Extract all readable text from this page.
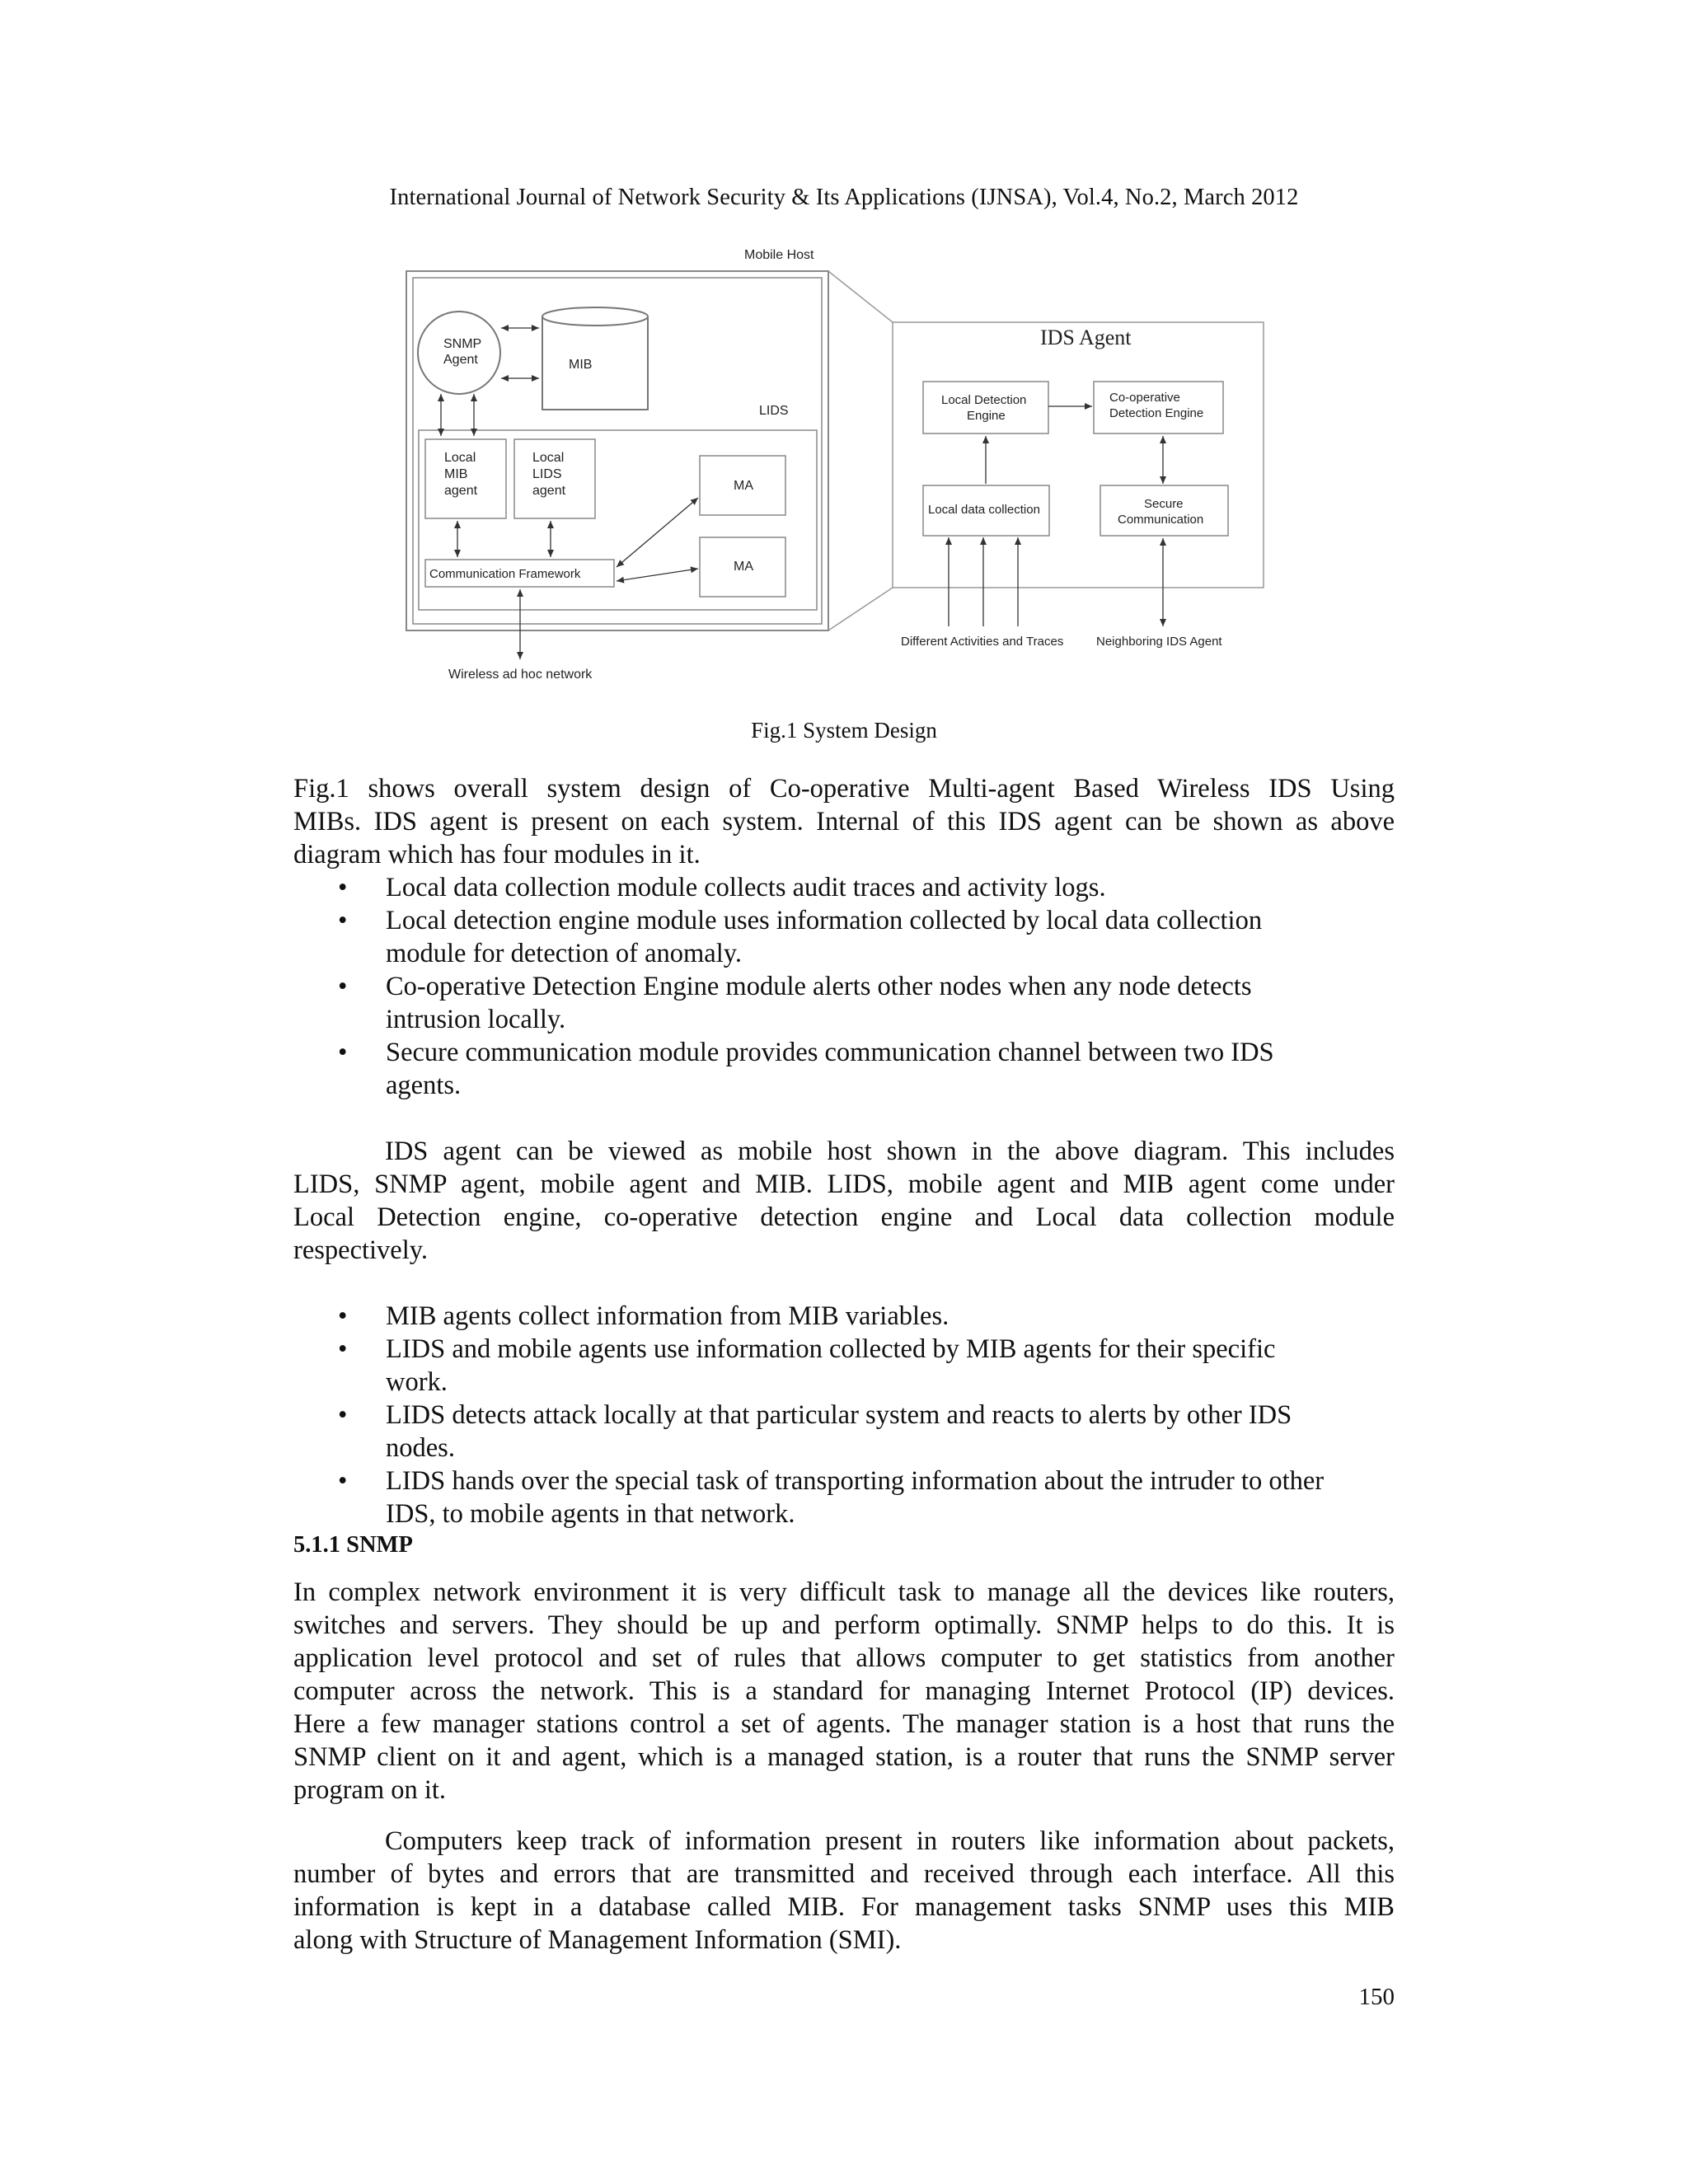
International Journal of Network Security & Its Applications (IJNSA), Vol.4, No.2, March 2012
Mobile Host
SNMP
Agent	MIB
LIDS
Local
MIB
agent
Local
LIDS
agent	MA
MA
Communication Framework
Wireless ad hoc network
IDS Agent
Local Detection
Engine
Co-operative
Detection Engine
Local data collection	Secure
Communication
Different Activities and Traces	Neighboring IDS Agent
Fig.1 System Design

Fig.1 shows overall system design of Co-operative Multi-agent Based Wireless IDS Using

MIBs. IDS agent is present on each system. Internal of this IDS agent can be shown as above

diagram which has four modules in it.

• Local data collection module collects audit traces and activity logs.
• Local detection engine module uses information collected by local data collection
module for detection of anomaly.
• Co-operative Detection Engine module alerts other nodes when any node detects
intrusion locally.
• Secure communication module provides communication channel between two IDS
agents.

IDS agent can be viewed as mobile host shown in the above diagram. This includes

LIDS, SNMP agent, mobile agent and MIB. LIDS, mobile agent and MIB agent come under

Local Detection engine, co-operative detection engine and Local data collection module

respectively.

• MIB agents collect information from MIB variables.
• LIDS and mobile agents use information collected by MIB agents for their specific
work.
• LIDS detects attack locally at that particular system and reacts to alerts by other IDS
nodes.
• LIDS hands over the special task of transporting information about the intruder to other
IDS, to mobile agents in that network.
5.1.1 SNMP

In complex network environment it is very difficult task to manage all the devices like routers,

switches and servers. They should be up and perform optimally. SNMP helps to do this. It is

application level protocol and set of rules that allows computer to get statistics from another

computer across the network. This is a standard for managing Internet Protocol (IP) devices.

Here a few manager stations control a set of agents. The manager station is a host that runs the

SNMP client on it and agent, which is a managed station, is a router that runs the SNMP server

program on it.

Computers keep track of information present in routers like information about packets,

number of bytes and errors that are transmitted and received through each interface. All this

information is kept in a database called MIB. For management tasks SNMP uses this MIB

along with Structure of Management Information (SMI).

150
